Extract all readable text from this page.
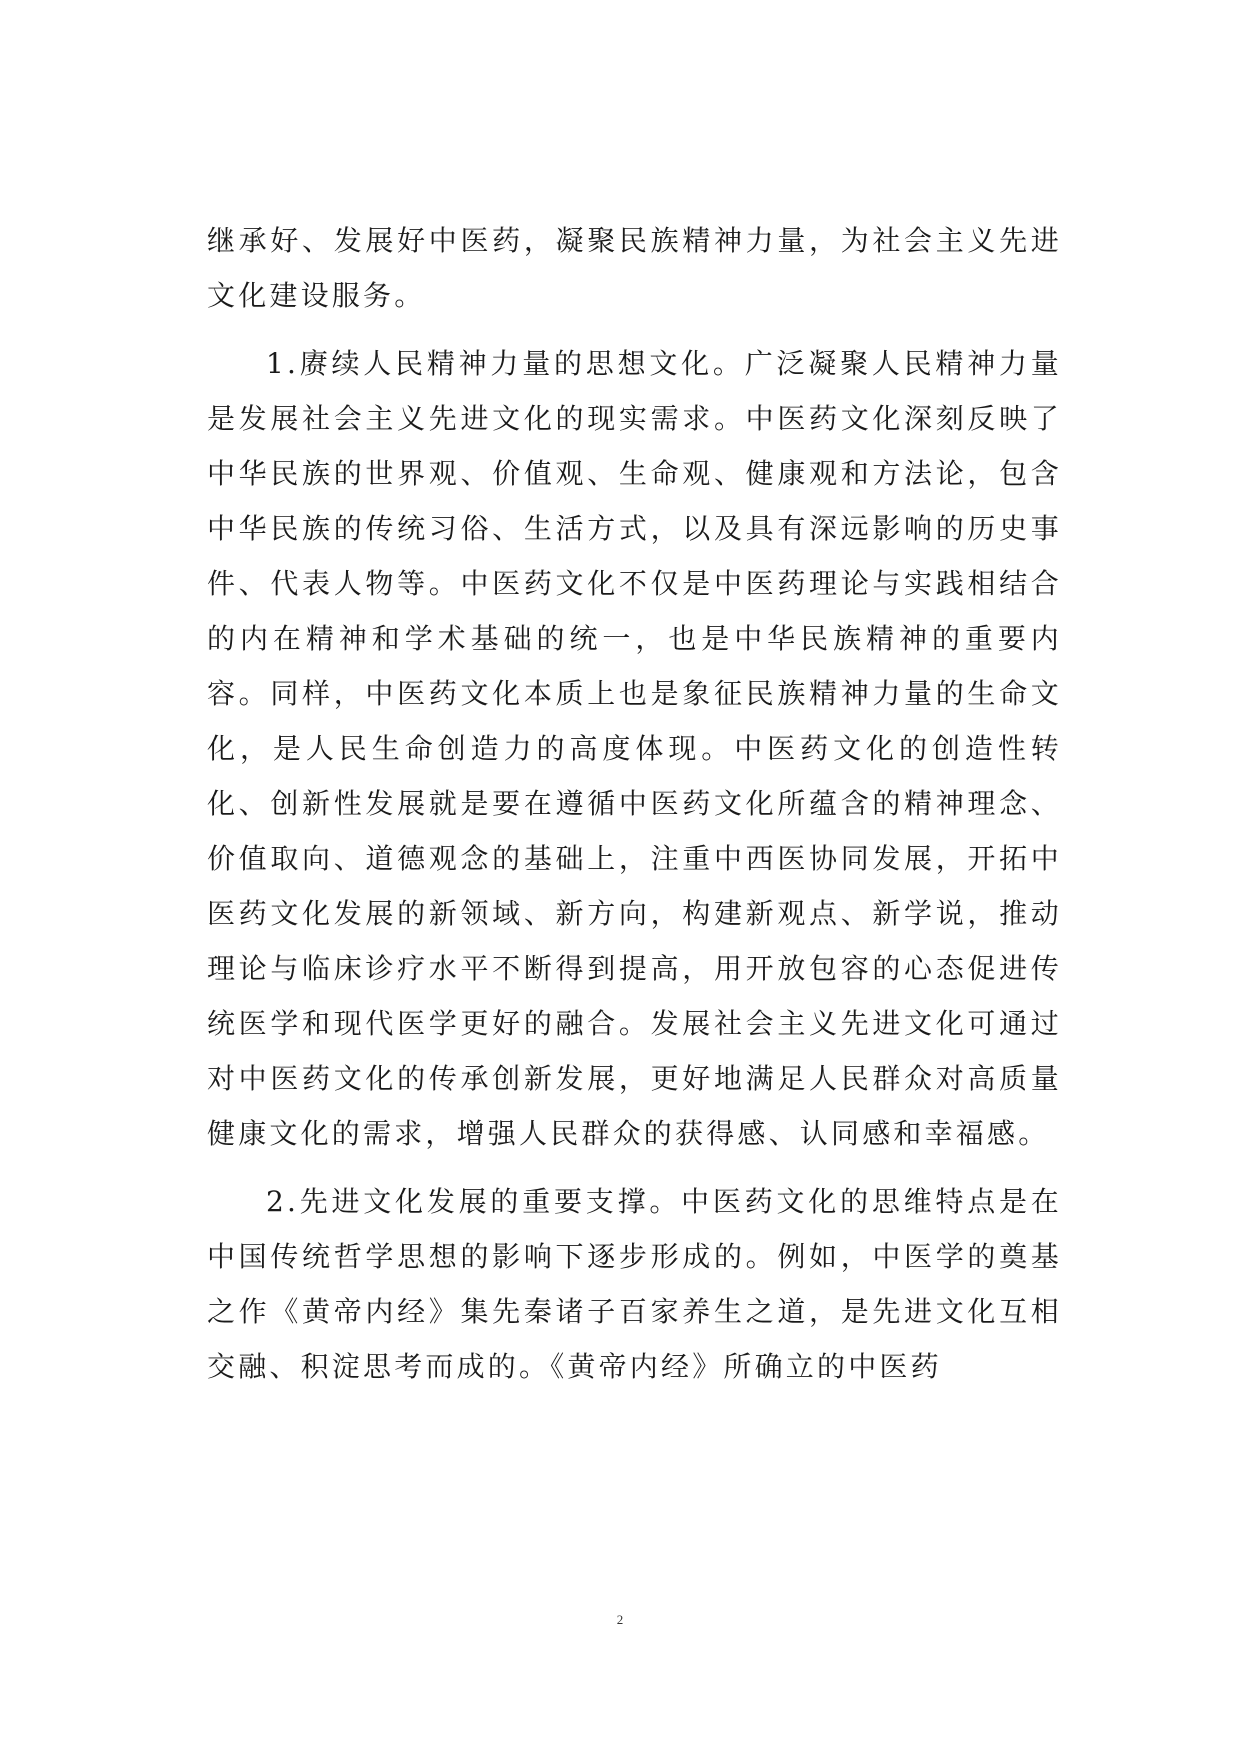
继承好、发展好中医药，凝聚民族精神力量，为社会主义先进文化建设服务。

1.赓续人民精神力量的思想文化。广泛凝聚人民精神力量是发展社会主义先进文化的现实需求。中医药文化深刻反映了中华民族的世界观、价值观、生命观、健康观和方法论，包含中华民族的传统习俗、生活方式，以及具有深远影响的历史事件、代表人物等。中医药文化不仅是中医药理论与实践相结合的内在精神和学术基础的统一，也是中华民族精神的重要内容。同样，中医药文化本质上也是象征民族精神力量的生命文化，是人民生命创造力的高度体现。中医药文化的创造性转化、创新性发展就是要在遵循中医药文化所蕴含的精神理念、价值取向、道德观念的基础上，注重中西医协同发展，开拓中医药文化发展的新领域、新方向，构建新观点、新学说，推动理论与临床诊疗水平不断得到提高，用开放包容的心态促进传统医学和现代医学更好的融合。发展社会主义先进文化可通过对中医药文化的传承创新发展，更好地满足人民群众对高质量健康文化的需求，增强人民群众的获得感、认同感和幸福感。

2.先进文化发展的重要支撑。中医药文化的思维特点是在中国传统哲学思想的影响下逐步形成的。例如，中医学的奠基之作《黄帝内经》集先秦诸子百家养生之道，是先进文化互相交融、积淀思考而成的。《黄帝内经》所确立的中医药

2
